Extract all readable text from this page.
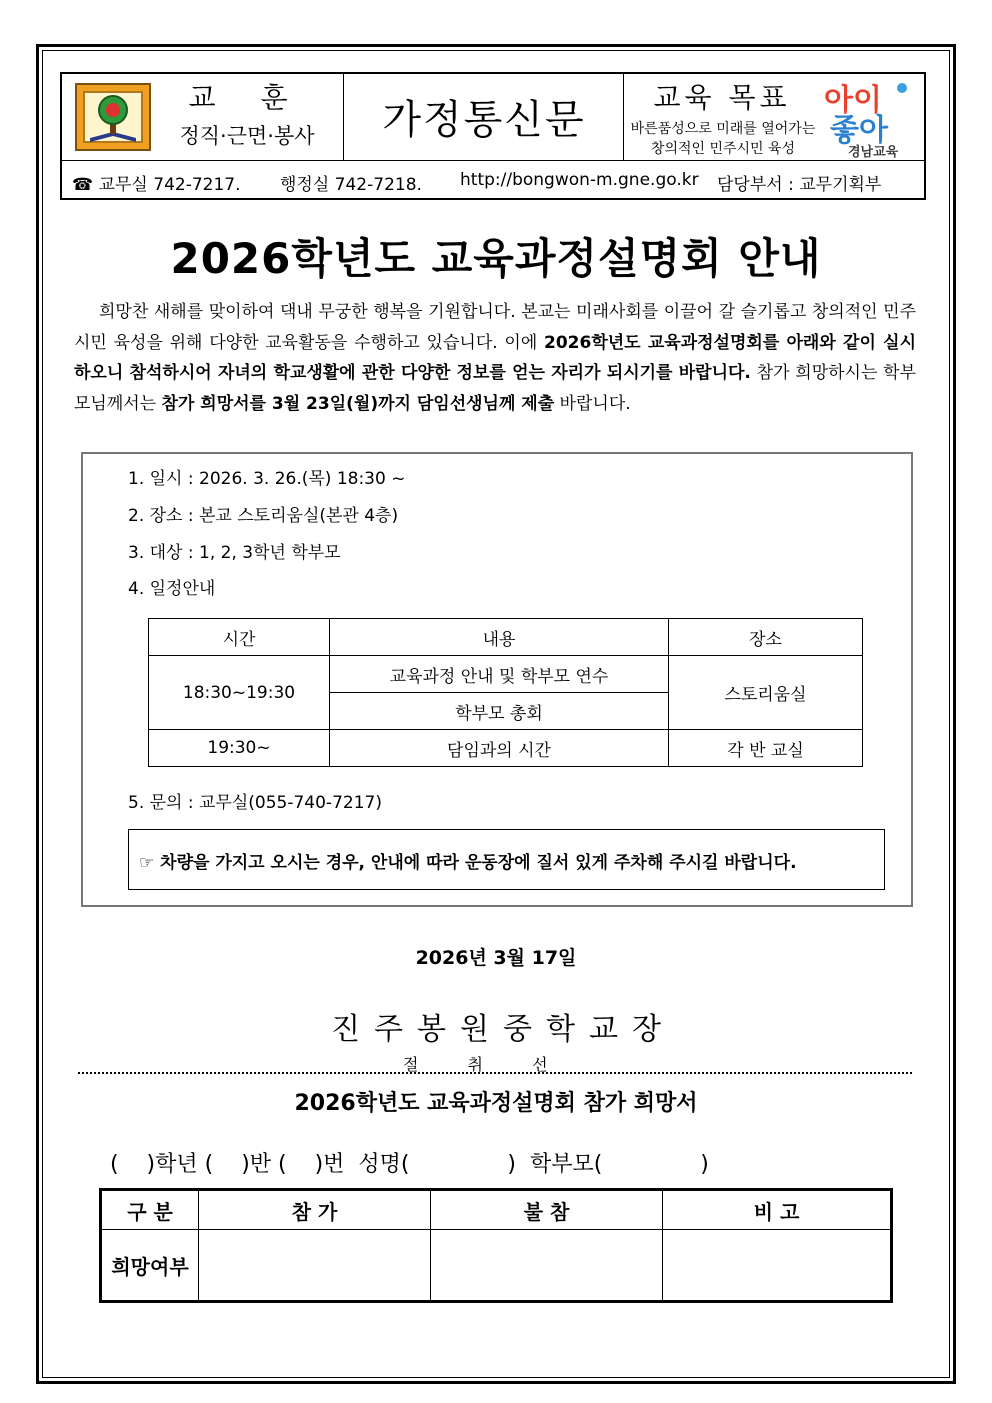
교 훈
정직·근면·봉사	가정통신문	교육 목표
바른품성으로 미래를 열어가는
창의적인 민주시민 육성
아이
좋아
경남교육
☎ 교무실 742-7217. 행정실 742-7218. http://bongwon-m.gne.go.kr 담당부서 : 교무기획부
2026학년도 교육과정설명회 안내
희망찬 새해를 맞이하여 댁내 무궁한 행복을 기원합니다. 본교는 미래사회를 이끌어 갈 슬기롭고 창의적인 민주시민 육성을 위해 다양한 교육활동을 수행하고 있습니다. 이에 2026학년도 교육과정설명회를 아래와 같이 실시하오니 참석하시어 자녀의 학교생활에 관한 다양한 정보를 얻는 자리가 되시기를 바랍니다. 참가 희망하시는 학부모님께서는 참가 희망서를 3월 23일(월)까지 담임선생님께 제출 바랍니다.
1. 일시 : 2026. 3. 26.(목) 18:30 ~
2. 장소 : 본교 스토리움실(본관 4층)
3. 대상 : 1, 2, 3학년 학부모
4. 일정안내
시간	내용	장소
18:30~19:30	교육과정 안내 및 학부모 연수	스토리움실
	학부모 총회	
19:30~	담임과의 시간	각 반 교실
5. 문의 : 교무실(055-740-7217)
☞ 차량을 가지고 오시는 경우, 안내에 따라 운동장에 질서 있게 주차해 주시길 바랍니다.
2026년 3월 17일
진주봉원중학교장
절 취 선
2026학년도 교육과정설명회 참가 희망서
(    )학년 (    )반 (    )번  성명(              )  학부모(              )
구 분	참 가	불 참	비 고
희망여부			
